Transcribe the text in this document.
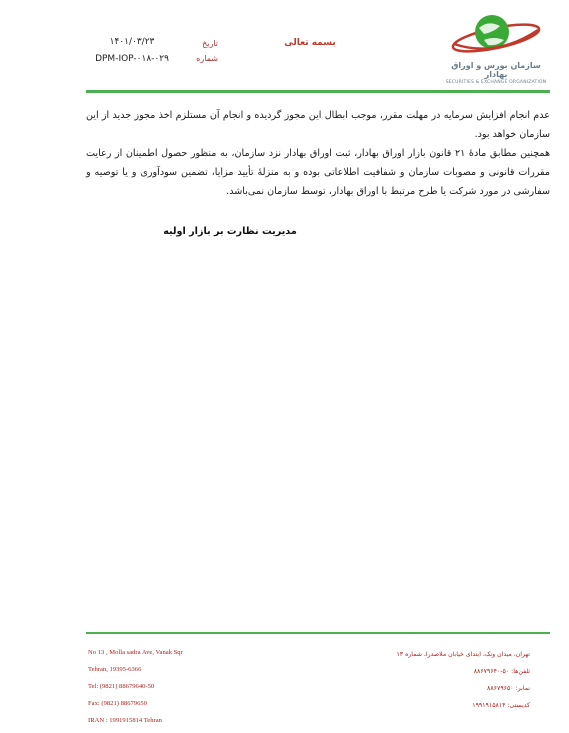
سازمان بورس و اوراق بهادار
SECURITIES & EXCHANGE ORGANIZATION
بسمه تعالی
تاریخ
شماره
۱۴۰۱/۰۳/۲۳
DPM-IOP-۰۱۸-۰۲۹

عدم انجام افزایش سرمایه در مهلت مقرر، موجب ابطال این مجوز گردیده و انجام آن مستلزم اخذ مجوز جدید از این سازمان خواهد بود.

همچنین مطابق مادهٔ ۲۱ قانون بازار اوراق بهادار، ثبت اوراق بهادار نزد سازمان، به منظور حصول اطمینان از رعایت مقررات قانونی و مصوبات سازمان و شفافیت اطلاعاتی بوده و به منزلهٔ تأیید مزایا، تضمین سودآوری و یا توصیه و سفارشی در مورد شرکت یا طرح مرتبط با اوراق بهادار، توسط سازمان نمی‌باشد.

مدیریت نظارت بر بازار اولیه
No 13 , Molla sadra Ave, Vanak Sqr
Tehran, 19395-6366
Tel: (9821) 88679640-50
Fax: (9821) 88679650
IRAN : 1991915814 Tehran
تهران، میدان ونک، ابتدای خیابان ملاصدرا، شماره ۱۳
تلفن‌ها: ۵۰-۸۸۶۷۹۶۴۰
نمابر: ۸۸۶۷۹۶۵۰
کدپستی: ۱۹۹۱۹۱۵۸۱۴
